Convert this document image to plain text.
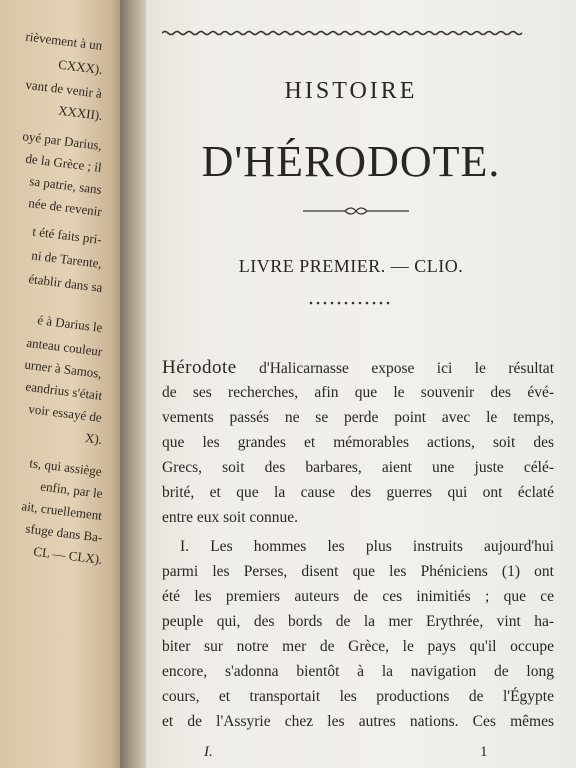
rièvement à un
CXXX).
vant de venir à
XXXII).
oyé par Darius,
de la Grèce ; il
sa patrie, sans
née de revenir
t été faits pri-
ni de Tarente,
établir dans sa
é à Darius le
anteau couleur
urner à Samos,
eandrius s'était
voir essayé de
X).
ts, qui assiège
enfin, par le
ait, cruellement
sfuge dans Ba-
CL — CLX).
HISTOIRE
D'HÉRODOTE.
LIVRE PREMIER. — CLIO.
Hérodote d'Halicarnasse expose ici le résultat
de ses recherches, afin que le souvenir des évé-
vements passés ne se perde point avec le temps,
que les grandes et mémorables actions, soit des
Grecs, soit des barbares, aient une juste célé-
brité, et que la cause des guerres qui ont éclaté
entre eux soit connue.
I. Les hommes les plus instruits aujourd'hui
parmi les Perses, disent que les Phéniciens (1) ont
été les premiers auteurs de ces inimitiés ; que ce
peuple qui, des bords de la mer Erythrée, vint ha-
biter sur notre mer de Grèce, le pays qu'il occupe
encore, s'adonna bientôt à la navigation de long
cours, et transportait les productions de l'Égypte
et de l'Assyrie chez les autres nations. Ces mêmes
I.	1
